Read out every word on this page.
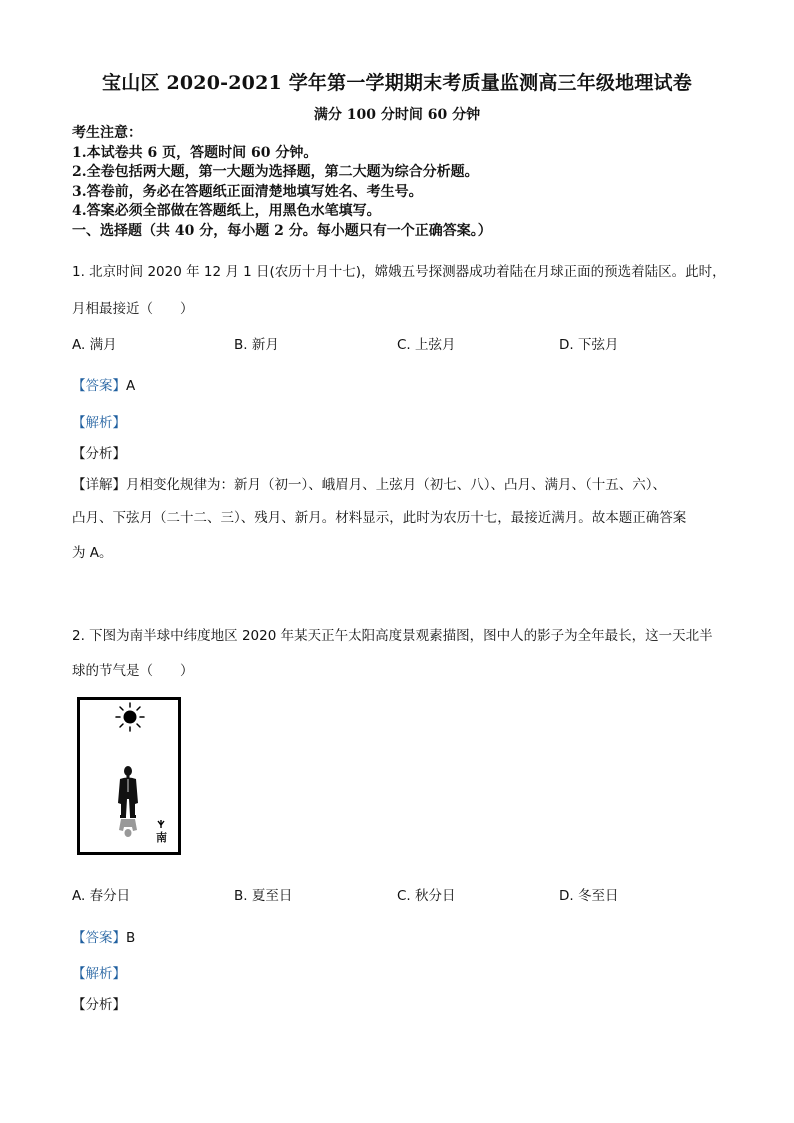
宝山区 2020-2021 学年第一学期期末考质量监测高三年级地理试卷
满分 100 分时间 60 分钟
考生注意：
1.本试卷共 6 页，答题时间 60 分钟。
2.全卷包括两大题，第一大题为选择题，第二大题为综合分析题。
3.答卷前，务必在答题纸正面清楚地填写姓名、考生号。
4.答案必须全部做在答题纸上，用黑色水笔填写。
一、选择题（共 40 分，每小题 2 分。每小题只有一个正确答案。）
1. 北京时间 2020 年 12 月 1 日(农历十月十七)，嫦娥五号探测器成功着陆在月球正面的预选着陆区。此时，
月相最接近（　　）
A. 满月	B. 新月	C. 上弦月	D. 下弦月
【答案】A
【解析】
【分析】
【详解】月相变化规律为：新月（初一）、峨眉月、上弦月（初七、八）、凸月、满月、（十五、六）、
凸月、下弦月（二十二、三）、残月、新月。材料显示，此时为农历十七，最接近满月。故本题正确答案
为 A。
2. 下图为南半球中纬度地区 2020 年某天正午太阳高度景观素描图，图中人的影子为全年最长，这一天北半
球的节气是（　　）
南
A. 春分日	B. 夏至日	C. 秋分日	D. 冬至日
【答案】B
【解析】
【分析】
